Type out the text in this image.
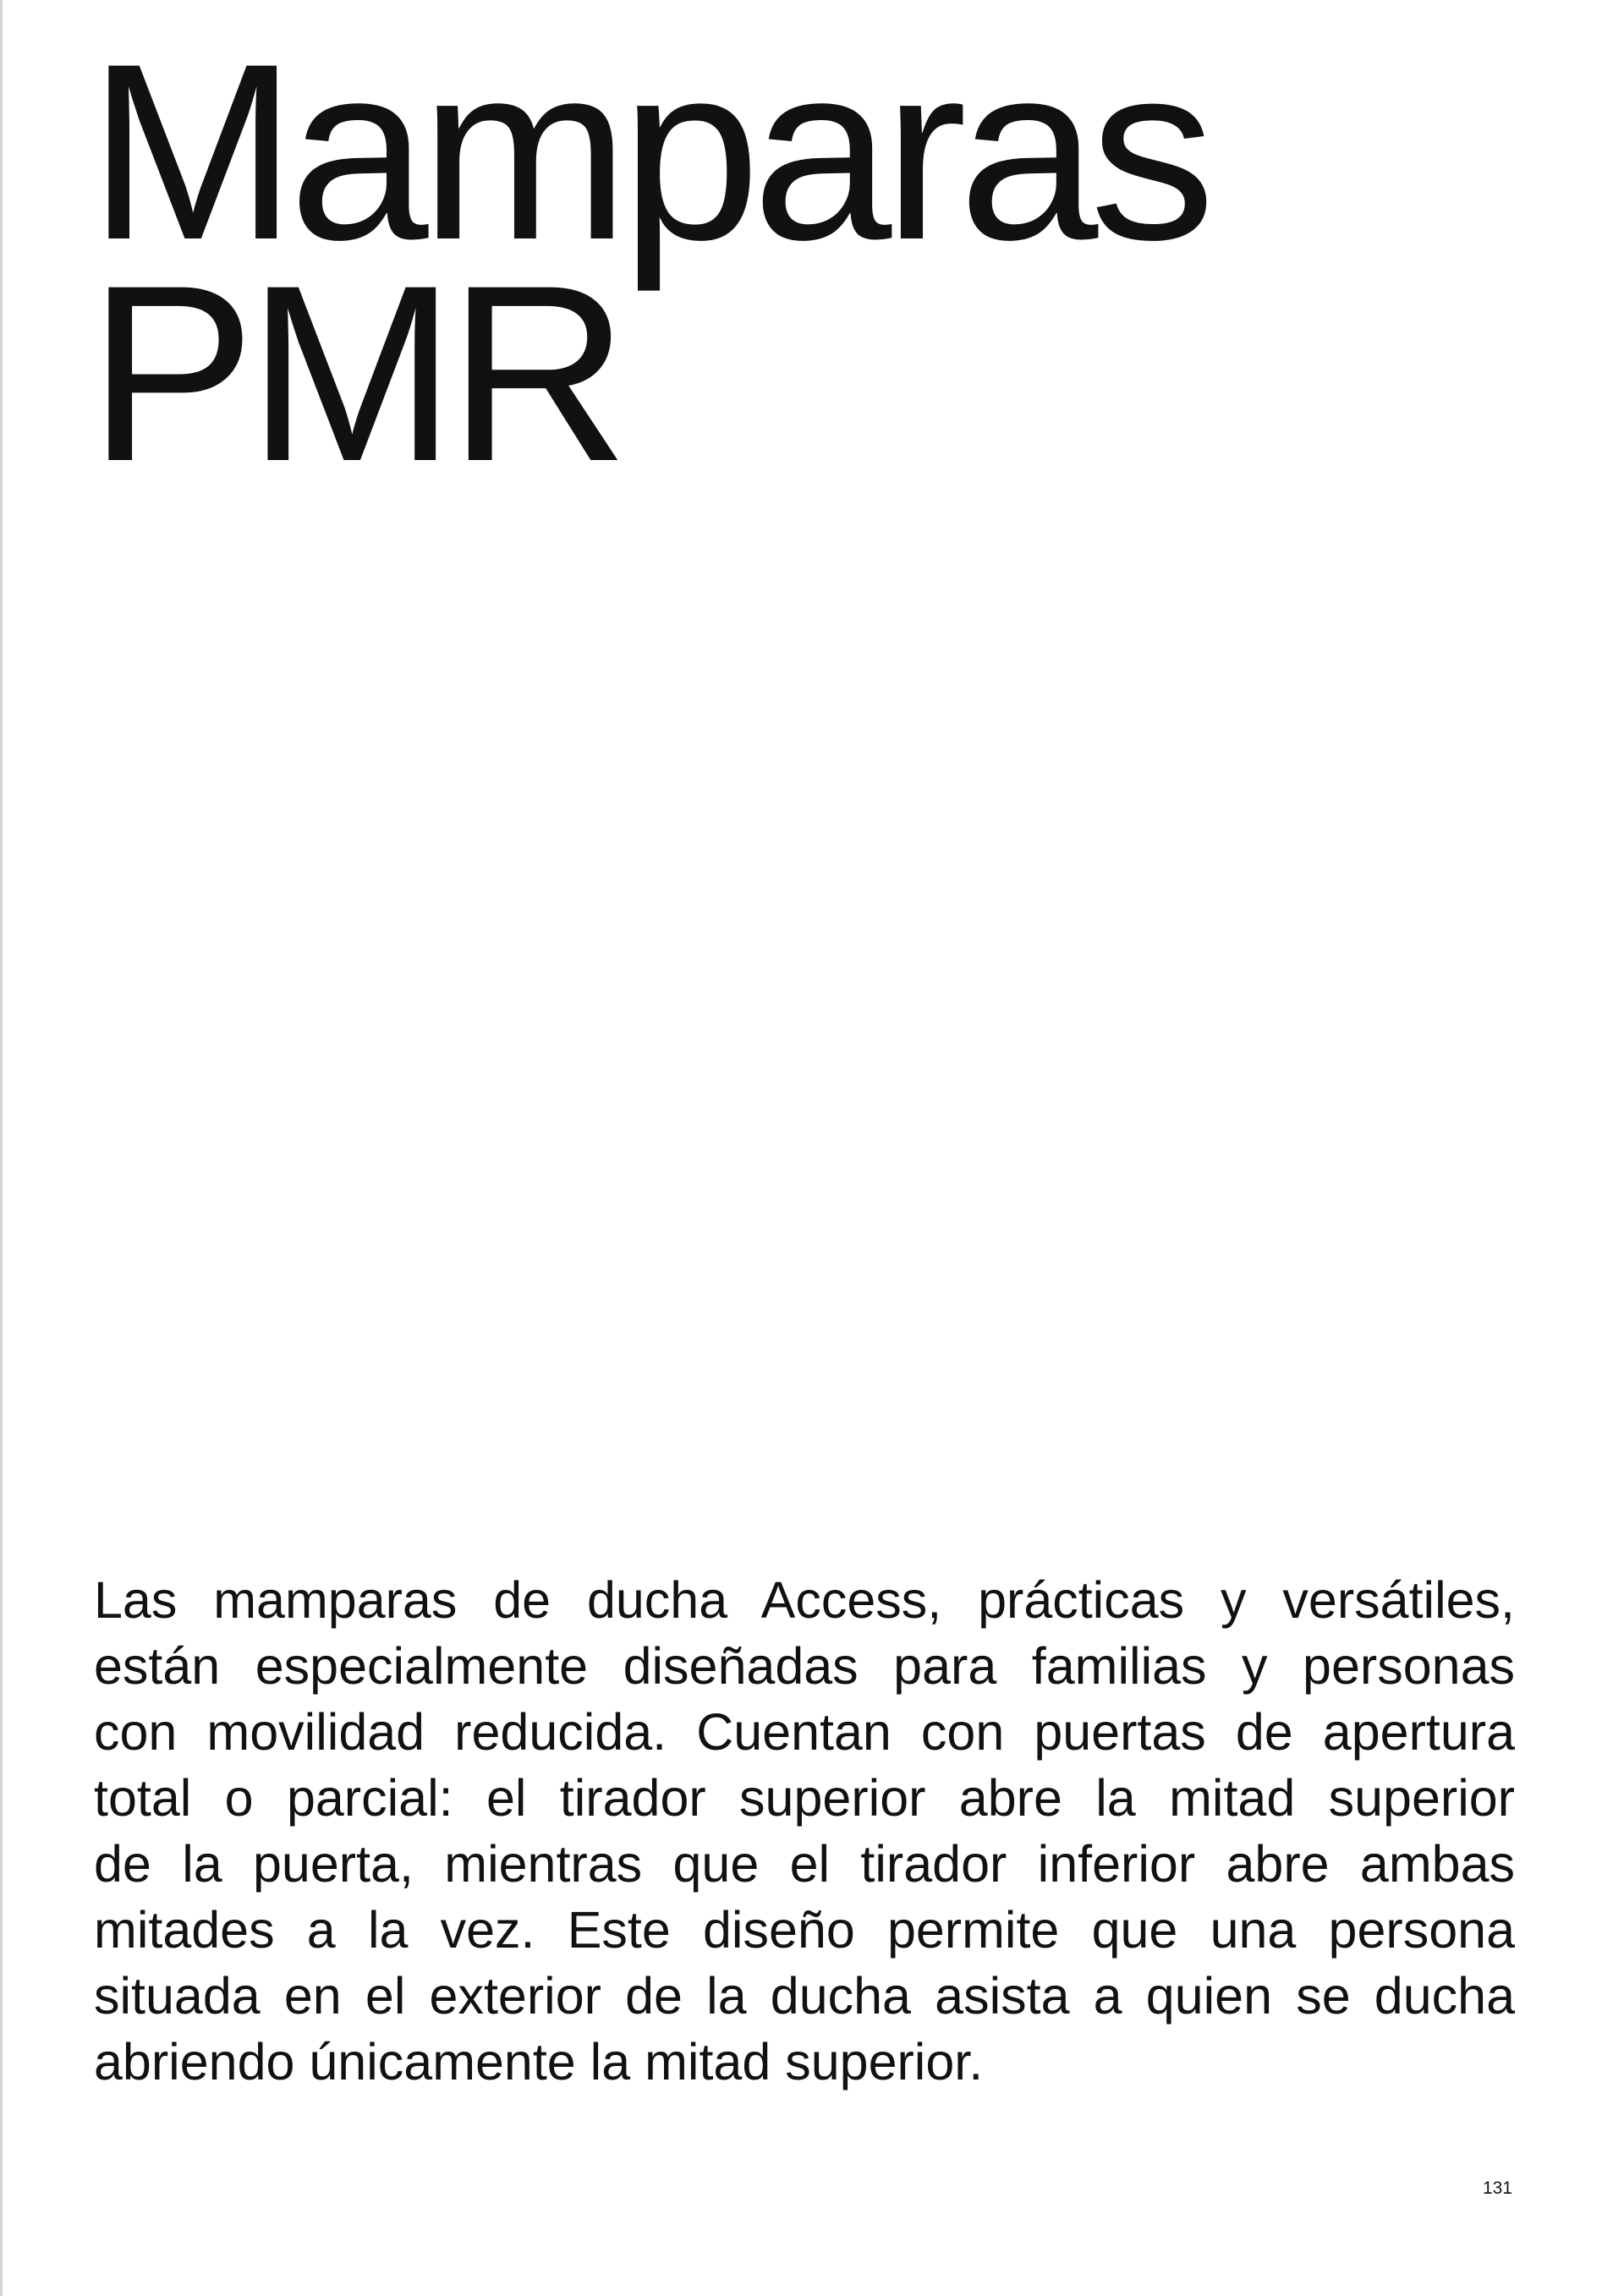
Mamparas
PMR

Las mamparas de ducha Access, prácticas y versátiles,
están especialmente diseñadas para familias y personas
con movilidad reducida. Cuentan con puertas de apertura
total o parcial: el tirador superior abre la mitad superior
de la puerta, mientras que el tirador inferior abre ambas
mitades a la vez. Este diseño permite que una persona
situada en el exterior de la ducha asista a quien se ducha
abriendo únicamente la mitad superior.

131
